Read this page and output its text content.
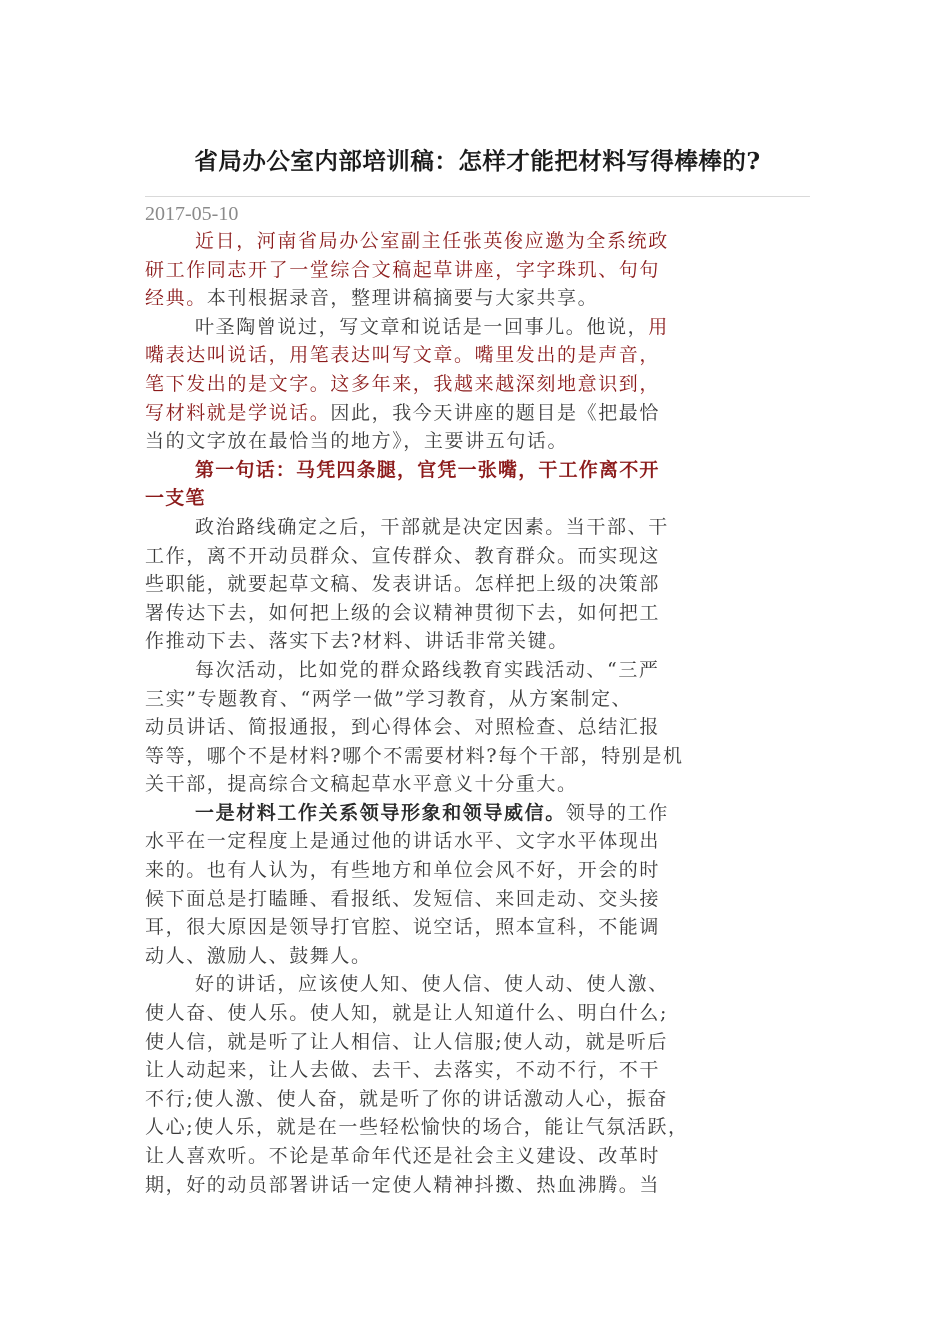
省局办公室内部培训稿：怎样才能把材料写得棒棒的?
2017-05-10

近日，河南省局办公室副主任张英俊应邀为全系统政
研工作同志开了一堂综合文稿起草讲座，字字珠玑、句句
经典。本刊根据录音，整理讲稿摘要与大家共享。

叶圣陶曾说过，写文章和说话是一回事儿。他说，用
嘴表达叫说话，用笔表达叫写文章。嘴里发出的是声音，
笔下发出的是文字。这多年来，我越来越深刻地意识到，
写材料就是学说话。因此，我今天讲座的题目是《把最恰
当的文字放在最恰当的地方》，主要讲五句话。

第一句话：马凭四条腿，官凭一张嘴，干工作离不开
一支笔

政治路线确定之后，干部就是决定因素。当干部、干
工作，离不开动员群众、宣传群众、教育群众。而实现这
些职能，就要起草文稿、发表讲话。怎样把上级的决策部
署传达下去，如何把上级的会议精神贯彻下去，如何把工
作推动下去、落实下去?材料、讲话非常关键。

每次活动，比如党的群众路线教育实践活动、“三严
三实”专题教育、“两学一做”学习教育，从方案制定、
动员讲话、简报通报，到心得体会、对照检查、总结汇报
等等，哪个不是材料?哪个不需要材料?每个干部，特别是机
关干部，提高综合文稿起草水平意义十分重大。

一是材料工作关系领导形象和领导威信。领导的工作
水平在一定程度上是通过他的讲话水平、文字水平体现出
来的。也有人认为，有些地方和单位会风不好，开会的时
候下面总是打瞌睡、看报纸、发短信、来回走动、交头接
耳，很大原因是领导打官腔、说空话，照本宣科，不能调
动人、激励人、鼓舞人。

好的讲话，应该使人知、使人信、使人动、使人激、
使人奋、使人乐。使人知，就是让人知道什么、明白什么;
使人信，就是听了让人相信、让人信服;使人动，就是听后
让人动起来，让人去做、去干、去落实，不动不行，不干
不行;使人激、使人奋，就是听了你的讲话激动人心，振奋
人心;使人乐，就是在一些轻松愉快的场合，能让气氛活跃，
让人喜欢听。不论是革命年代还是社会主义建设、改革时
期，好的动员部署讲话一定使人精神抖擞、热血沸腾。当
